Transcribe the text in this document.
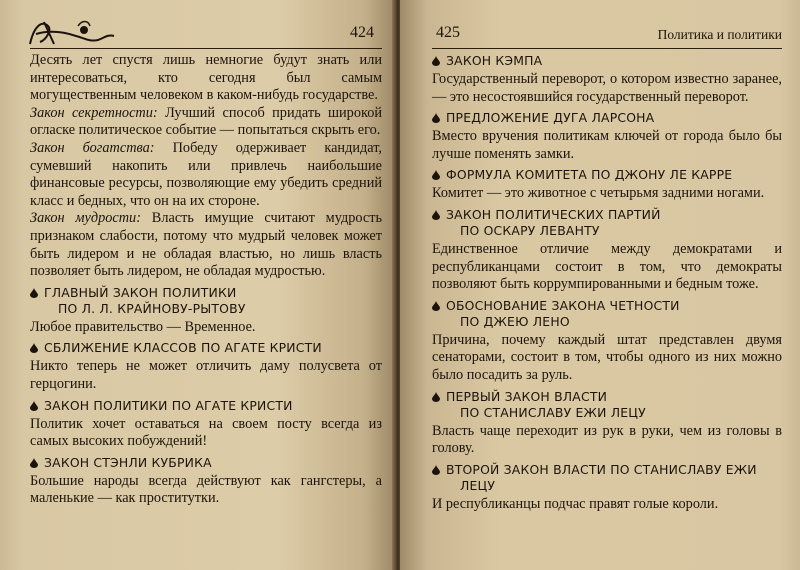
424

Десять лет спустя лишь немногие будут знать или интересоваться, кто сегодня был самым могущественным человеком в каком-нибудь государстве.

Закон секретности: Лучший способ придать широкой огласке политическое событие — попытаться скрыть его.

Закон богатства: Победу одерживает кандидат, сумевший накопить или привлечь наибольшие финансовые ресурсы, позволяющие ему убедить средний класс и бедных, что он на их стороне.

Закон мудрости: Власть имущие считают мудрость признаком слабости, потому что мудрый человек может быть лидером и не обладая властью, но лишь власть позволяет быть лидером, не обладая мудростью.

ГЛАВНЫЙ ЗАКОН ПОЛИТИКИ
ПО Л. Л. КРАЙНОВУ-РЫТОВУ

Любое правительство — Временное.

СБЛИЖЕНИЕ КЛАССОВ ПО АГАТЕ КРИСТИ

Никто теперь не может отличить даму полусвета от герцогини.

ЗАКОН ПОЛИТИКИ ПО АГАТЕ КРИСТИ

Политик хочет оставаться на своем посту всегда из самых высоких побуждений!

ЗАКОН СТЭНЛИ КУБРИКА

Большие народы всегда действуют как гангстеры, а маленькие — как проститутки.

425	Политика и политики
ЗАКОН КЭМПА

Государственный переворот, о котором известно заранее,— это несостоявшийся государственный переворот.

ПРЕДЛОЖЕНИЕ ДУГА ЛАРСОНА

Вместо вручения политикам ключей от города было бы лучше поменять замки.

ФОРМУЛА КОМИТЕТА ПО ДЖОНУ ЛЕ КАРРЕ

Комитет — это животное с четырьмя задними ногами.

ЗАКОН ПОЛИТИЧЕСКИХ ПАРТИЙ
ПО ОСКАРУ ЛЕВАНТУ

Единственное отличие между демократами и республиканцами состоит в том, что демократы позволяют быть коррумпированными и бедным тоже.

ОБОСНОВАНИЕ ЗАКОНА ЧЕТНОСТИ
ПО ДЖЕЮ ЛЕНО

Причина, почему каждый штат представлен двумя сенаторами, состоит в том, чтобы одного из них можно было посадить за руль.

ПЕРВЫЙ ЗАКОН ВЛАСТИ
ПО СТАНИСЛАВУ ЕЖИ ЛЕЦУ

Власть чаще переходит из рук в руки, чем из головы в голову.

ВТОРОЙ ЗАКОН ВЛАСТИ ПО СТАНИСЛАВУ ЕЖИ
ЛЕЦУ

И республиканцы подчас правят голые короли.
